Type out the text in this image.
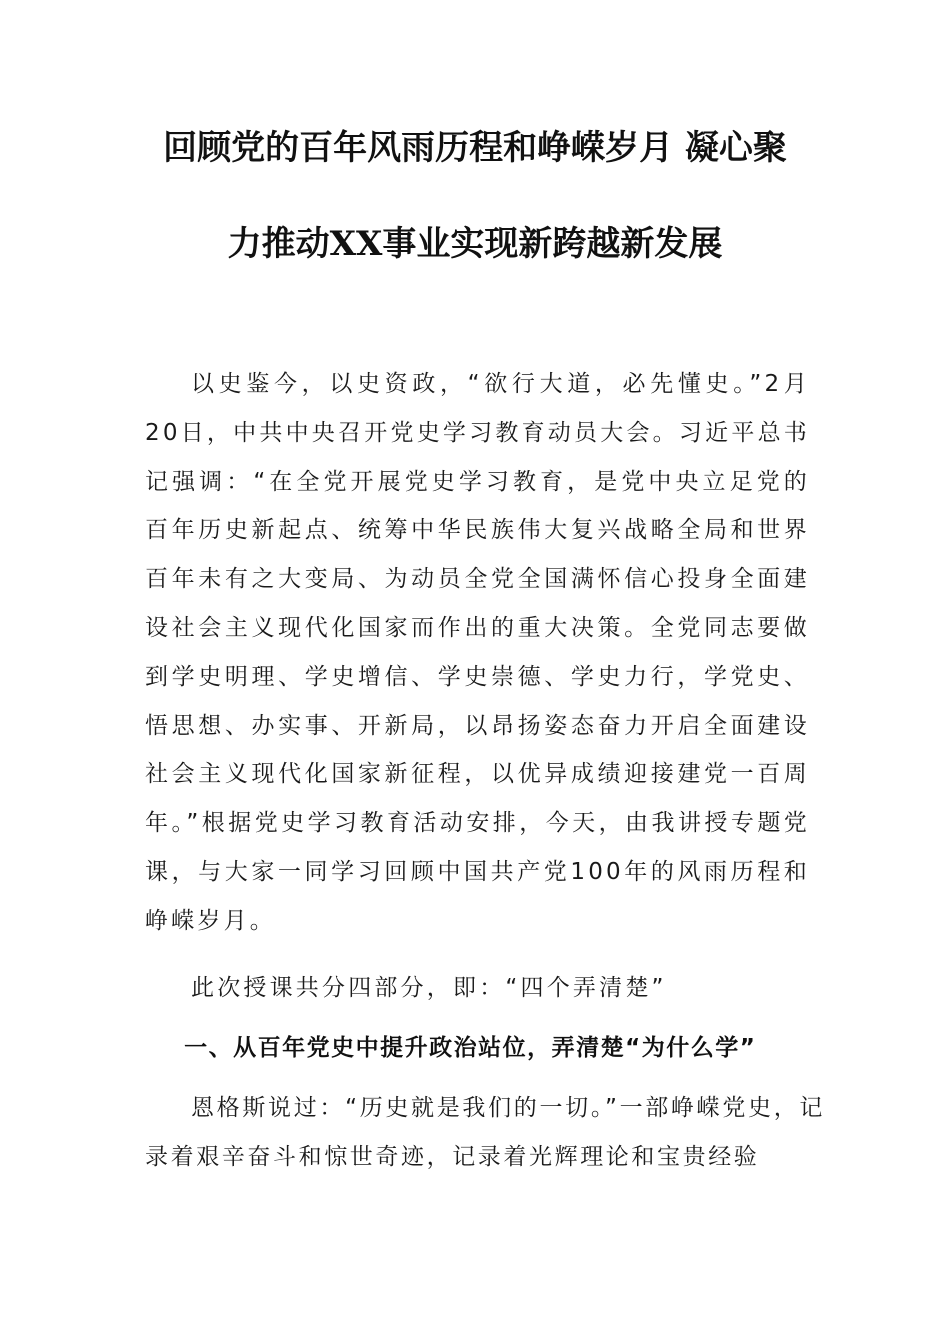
回顾党的百年风雨历程和峥嵘岁月 凝心聚
力推动XX事业实现新跨越新发展
以史鉴今，以史资政，“欲行大道，必先懂史。”2月20日，中共中央召开党史学习教育动员大会。习近平总书记强调：“在全党开展党史学习教育，是党中央立足党的百年历史新起点、统筹中华民族伟大复兴战略全局和世界百年未有之大变局、为动员全党全国满怀信心投身全面建设社会主义现代化国家而作出的重大决策。全党同志要做到学史明理、学史增信、学史崇德、学史力行，学党史、悟思想、办实事、开新局，以昂扬姿态奋力开启全面建设社会主义现代化国家新征程，以优异成绩迎接建党一百周年。”根据党史学习教育活动安排，今天，由我讲授专题党课，与大家一同学习回顾中国共产党100年的风雨历程和峥嵘岁月。
此次授课共分四部分，即：“四个弄清楚”
一、从百年党史中提升政治站位，弄清楚“为什么学”
恩格斯说过：“历史就是我们的一切。”一部峥嵘党史，记录着艰辛奋斗和惊世奇迹，记录着光辉理论和宝贵经验
